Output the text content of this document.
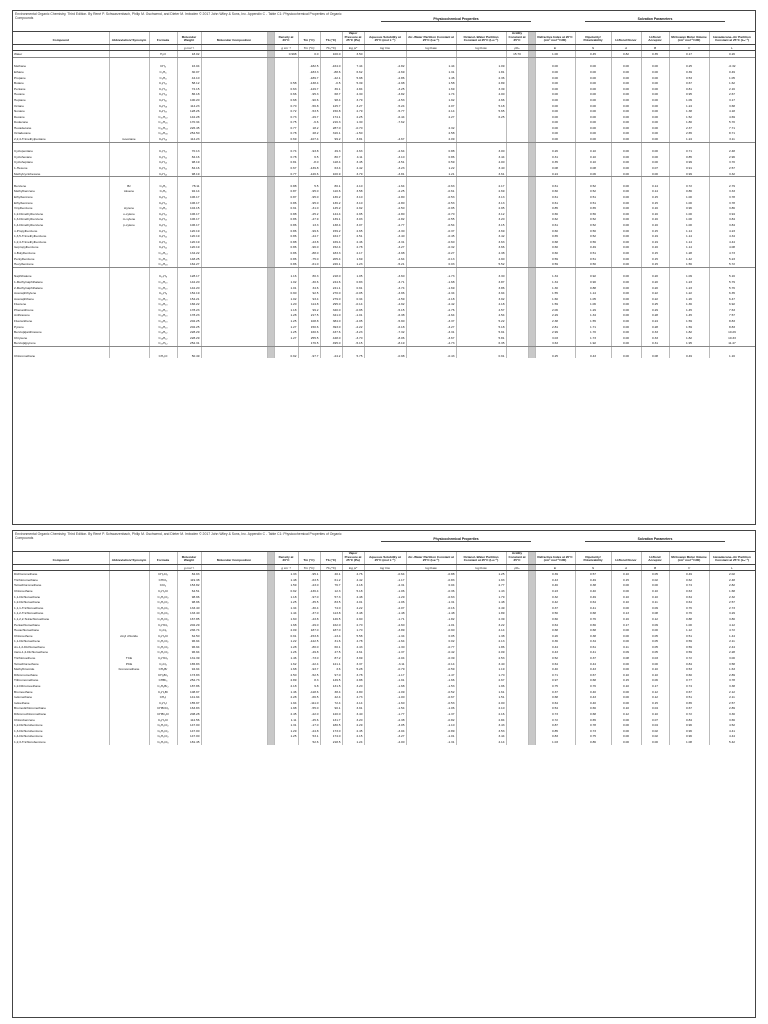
Environmental Organic Chemistry, Third Edition. By René P. Schwarzenbach, Philip M. Gschwend, and Dieter M. Imboden © 2017 John Wiley & Sons, Inc. Appendix C - Table C1: Physicochemical Properties of Organic Compounds	Physicochemical Properties	Solvation Parameters
Compound	Abbreviation/ Synonym	Formula	Molecular Weight	Molecular Composition		Density at 20°C	Tm (°C)	Tb (°C)	Vapor Pressure at 25°C (Pa)	Aqueous Solubility at 25°C (mol L⁻¹)	Air–Water Partition Constant at 25°C (Laᵢ⁻¹)	Octanol–Water Partition Constant at 25°C (Loᵢ⁻¹)	Acidity Constant at 25°C		Refractive Index at 20°C (cm³ mol⁻¹/100)	Dipolarity/ Polarizability	H-Bond Donor	H-Bond Acceptor	McGowan Molar Volume (cm³ mol⁻¹/100)	Hexadecane–Air Partition Constant at 25°C (Lᵢₐ⁻¹)
			g mol⁻¹			g cm⁻³	Tm (°C)	Tb (°C)	log pᵢ*	log Cᵢw	log Kᵢaw	log Kᵢow	pKₐ		E	S	A	B	V	L
Water		H₂O	18.02			0.998	0.0	100.0	3.50				15.70		1.00	0.45	0.82	0.35	0.17	0.26

Methane		CH₄	16.04				-182.5	-164.0	7.44	-2.82	1.44	1.09			0.00	0.00	0.00	0.00	0.25	-0.32
Ethane		C₂H₆	30.07				-183.3	-88.6	6.62	-2.69	1.31	1.81			0.00	0.00	0.00	0.00	0.39	0.49
Propane		C₃H₈	44.10				-189.7	-42.1	5.98	-2.86	1.46	2.36			0.00	0.00	0.00	0.00	0.53	1.05
Butane		C₄H₁₀	58.12			0.58	-138.4	-0.5	5.39	-2.98	1.58	2.89			0.00	0.00	0.00	0.00	0.67	1.62
Pentane		C₅H₁₂	72.15			0.63	-129.7	36.1	4.84	-3.25	1.69	3.39			0.00	0.00	0.00	0.00	0.81	2.16
Hexane		C₆H₁₄	86.18			0.66	-95.3	68.7	4.30	-3.82	1.74	4.00			0.00	0.00	0.00	0.00	0.95	2.67
Heptane		C₇H₁₆	100.20			0.68	-90.6	98.4	3.79	-4.53	1.92	4.66			0.00	0.00	0.00	0.00	1.09	3.17
Octane		C₈H₁₈	114.23			0.70	-56.8	125.7	3.27	-5.24	2.07	5.18			0.00	0.00	0.00	0.00	1.24	3.68
Nonane		C₉H₂₀	128.26			0.72	-53.5	150.8	2.79	-5.77	2.14	5.65			0.00	0.00	0.00	0.00	1.38	4.18
Decane		C₁₀H₂₂	142.28			0.73	-29.7	174.1	2.25	-6.44	2.27	6.25			0.00	0.00	0.00	0.00	1.52	4.69
Dodecane		C₁₂H₂₆	170.34			0.75	-9.6	216.3	1.30	-7.62					0.00	0.00	0.00	0.00	1.80	5.70
Hexadecane		C₁₆H₃₄	226.45			0.77	18.2	287.0	-0.70		2.32				0.00	0.00	0.00	0.00	2.37	7.71
Octadecane		C₁₈H₃₈	254.50			0.78	28.2	316.1	-1.50		2.58				0.00	0.00	0.00	0.00	2.65	8.71
2,2,4-Trimethylpentane	isooctane	C₈H₁₈	114.23			0.69	-107.4	99.2	3.81	-4.67	2.09				0.00	0.00	0.00	0.00	1.24	3.11

Cyclopentane		C₅H₁₀	70.13			0.74	-93.8	49.3	4.63	-2.64	0.88	3.00			0.26	0.10	0.00	0.00	0.71	2.48
Cyclohexane		C₆H₁₂	84.16			0.78	6.5	80.7	4.11	-3.10	0.86	3.44			0.31	0.10	0.00	0.00	0.85	2.96
Cycloheptane		C₇H₁₄	98.19			0.81	-8.0	118.4	3.45	-3.51	0.59	4.00			0.35	0.10	0.00	0.00	0.99	3.70
1-Hexene		C₆H₁₂	84.16			0.67	-139.8	63.4	4.42	-3.23	1.22	3.40			0.08	0.08	0.00	0.07	0.91	2.57
Methylcyclohexane		C₇H₁₄	98.19			0.77	-126.6	100.9	3.79	-3.81	1.21	3.61			0.24	0.06	0.00	0.00	0.99	3.32

Benzene	Bz	C₆H₆	78.11			0.88	5.5	80.1	4.10	-1.64	-0.63	2.17			0.61	0.52	0.00	0.14	0.72	2.79
Methylbenzene	toluene	C₇H₈	92.14			0.87	-95.0	110.6	3.58	-2.25	-0.61	2.69			0.60	0.52	0.00	0.14	0.86	3.33
Ethylbenzene		C₈H₁₀	106.17			0.87	-95.0	136.2	3.10	-2.80	-0.53	3.13			0.61	0.51	0.00	0.15	1.00	3.78
Ethylbenzene		C₈H₁₀	106.17			0.86	-95.0	136.2	3.10	-2.80	-0.53	3.13			0.61	0.51	0.00	0.15	1.00	3.78
Vinylbenzene	styrene	C₈H₈	104.15			0.91	-31.0	145.2	2.92	-2.50	-0.95	2.95			0.85	0.65	0.00	0.16	0.96	3.86
1,2-Dimethylbenzene	o-xylene	C₈H₁₀	106.17			0.88	-25.2	144.4	2.95	-2.80	-0.70	3.12			0.66	0.56	0.00	0.16	1.00	3.94
1,3-Dimethylbenzene	m-xylene	C₈H₁₀	106.17			0.86	-47.9	139.1	3.03	-2.82	-0.55	3.20			0.62	0.52	0.00	0.16	1.00	3.84
1,4-Dimethylbenzene	p-xylene	C₈H₁₀	106.17			0.86	13.3	138.4	3.07	-2.77	-0.54	3.15			0.61	0.52	0.00	0.16	1.00	3.84
n-Propylbenzene		C₉H₁₂	120.19			0.86	-99.6	159.2	2.65	-3.30	-0.37	3.69			0.60	0.50	0.00	0.15	1.14	4.23
1,3,5-Trimethylbenzene		C₉H₁₂	120.19			0.86	-44.7	164.7	2.51	-3.40	-0.45	3.42			0.65	0.52	0.00	0.19	1.14	4.34
1,2,4-Trimethylbenzene		C₉H₁₂	120.19			0.88	-43.8	169.4	2.46	-3.31	-0.60	3.63			0.68	0.56	0.00	0.19	1.14	4.44
Isopropylbenzene		C₉H₁₂	120.19			0.86	-96.0	152.4	2.78	-3.27	-0.32	3.66			0.60	0.49	0.00	0.16	1.14	4.08
n-Butylbenzene		C₁₀H₁₄	134.22			0.86	-88.0	183.3	2.17	-3.98	-0.27	4.38			0.60	0.51	0.00	0.15	1.28	4.73
Pentylbenzene		C₁₁H₁₆	148.25			0.86	-75.0	205.4	1.69	-4.64	-0.13	4.90			0.59	0.51	0.00	0.15	1.42	5.23
Hexylbenzene		C₁₂H₁₈	162.27			0.86	-61.0	226.1	1.23	-5.21	0.03	5.52			0.59	0.50	0.00	0.15	1.56	5.72

Naphthalene		C₁₀H₈	128.17			1.16	80.3	218.0	1.05	-3.60	-1.73	3.30			1.34	0.92	0.00	0.20	1.09	5.16
1-Methylnaphthalene		C₁₁H₁₀	142.20			1.02	-30.6	244.6	0.83	-3.71	-1.68	3.87			1.34	0.90	0.00	0.20	1.23	5.79
2-Methylnaphthalene		C₁₁H₁₀	142.20			1.01	34.6	241.1	0.91	-3.74	-1.69	3.86			1.30	0.88	0.00	0.20	1.23	5.76
Acenaphthylene		C₁₂H₈	152.19			0.90	92.5	270.0	-0.05	-3.96	-2.34	3.94			1.55	1.14	0.00	0.22	1.22	6.35
Acenaphthene		C₁₂H₁₀	154.21			1.02	93.4	279.0	0.34	-4.59	-2.18	3.92			1.60	1.05	0.00	0.22	1.26	6.47
Fluorene		C₁₃H₁₀	166.22			1.20	114.8	295.0	-0.14	-4.92	-2.42	4.18			1.59	1.06	0.00	0.25	1.36	6.92
Phenanthrene		C₁₄H₁₀	178.23			1.18	99.2	340.0	-0.95	-5.15	-2.76	4.57			2.06	1.29	0.00	0.29	1.45	7.63
Anthracene		C₁₄H₁₀	178.23			1.28	217.5	341.0	-1.01	-6.38	-2.64	4.54			2.29	1.34	0.00	0.28	1.45	7.57
Fluoranthene		C₁₆H₁₀	202.25			1.25	108.8	384.0	-2.05	-5.90	-3.37	5.22			2.38	1.55	0.00	0.24	1.59	8.83
Pyrene		C₁₆H₁₀	202.25			1.27	150.6	393.0	-2.22	-6.18	-3.27	5.18			2.81	1.71	0.00	0.28	1.59	8.83
Benzo[a]anthracene		C₁₈H₁₂	228.29			1.25	160.6	437.6	-3.23	-7.32	-3.31	5.91			2.99	1.70	0.00	0.33	1.82	10.29
Chrysene		C₁₈H₁₂	228.29			1.27	255.5	448.0	-3.70	-8.06	-3.67	5.81			3.03	1.73	0.00	0.33	1.82	10.33
Benzo[a]pyrene		C₂₀H₁₂	252.31				176.5	495.0	-5.15	-8.19	-4.73	6.35			3.63	1.92	0.00	0.31	1.95	11.47

Chloromethane		CH₃Cl	50.49			0.92	-97.7	-24.2	5.75	-0.98	-0.43	0.91			0.25	0.43	0.00	0.08	0.49	1.16
Environmental Organic Chemistry, Third Edition. By René P. Schwarzenbach, Philip M. Gschwend, and Dieter M. Imboden © 2017 John Wiley & Sons, Inc. Appendix C - Table C1: Physicochemical Properties of Organic Compounds	Physicochemical Properties	Solvation Parameters
Compound	Abbreviation/ Synonym	Formula	Molecular Weight	Molecular Composition		Density at 20°C	Tm (°C)	Tb (°C)	Vapor Pressure at 25°C (Pa)	Aqueous Solubility at 25°C (mol L⁻¹)	Air–Water Partition Constant at 25°C (Laᵢ⁻¹)	Octanol–Water Partition Constant at 25°C (Loᵢ⁻¹)	Acidity Constant at 25°C		Refractive Index at 20°C (cm³ mol⁻¹/100)	Dipolarity/ Polarizability	H-Bond Donor	H-Bond Acceptor	McGowan Molar Volume (cm³ mol⁻¹/100)	Hexadecane–Air Partition Constant at 25°C (Lᵢₐ⁻¹)
			g mol⁻¹			g cm⁻³	Tm (°C)	Tb (°C)	log pᵢ*	log Cᵢw	log Kᵢaw	log Kᵢow	pKₐ		E	S	A	B	V	L
Dichloromethane		CH₂Cl₂	84.93			1.33	-95.1	40.1	4.76	-0.64	-0.88	1.25			0.39	0.57	0.10	0.05	0.49	2.02
Trichloromethane		CHCl₃	119.38			1.48	-63.5	61.2	4.42	-1.17	-0.83	1.93			0.43	0.49	0.15	0.02	0.62	2.48
Tetrachloromethane		CCl₄	153.82			1.59	-23.0	76.7	4.18	-2.31	0.04	2.77			0.46	0.38	0.00	0.00	0.74	2.82
Chloroethane		C₂H₅Cl	64.51			0.92	-136.4	12.3	5.18	-1.06	-0.36	1.43			0.23	0.40	0.00	0.10	0.63	1.68
1,1-Dichloroethane		C₂H₄Cl₂	98.96			1.18	-97.0	57.3	4.48	-1.29	-0.63	1.79			0.32	0.49	0.10	0.10	0.64	2.32
1,2-Dichloroethane		C₂H₄Cl₂	98.96			1.25	-35.5	83.5	4.01	-1.06	-1.31	1.48			0.42	0.64	0.10	0.11	0.64	2.57
1,1,1-Trichloroethane		C₂H₃Cl₃	133.40			1.34	-30.4	74.0	4.22	-2.07	-0.16	2.49			0.37	0.41	0.00	0.09	0.76	2.73
1,1,2-Trichloroethane		C₂H₃Cl₃	133.40			1.44	-37.0	113.8	3.48	-1.48	-1.48	1.89			0.50	0.68	0.13	0.08	0.76	3.29
1,1,2,2-Tetrachloroethane		C₂H₂Cl₄	167.85			1.60	-43.8	146.5	2.90	-1.71	-1.82	2.39			0.60	0.76	0.16	0.12	0.88	3.80
Pentachloroethane		C₂HCl₅	202.29			1.68	-29.0	162.0	2.70	-2.60	-1.01	3.22			0.64	0.66	0.17	0.09	1.00	4.12
Hexachloroethane		C₂Cl₆	236.74			2.09	187.0	187.0	1.70	-3.89	-0.90	4.14			0.68	0.68	0.00	0.00	1.12	4.72
Chloroethene	vinyl chloride	C₂H₃Cl	62.50			0.91	-153.8	-13.4	5.58	-1.34	0.05	1.38			0.26	0.38	0.00	0.05	0.51	1.44
1,1-Dichloroethene		C₂H₂Cl₂	96.94			1.22	-122.5	31.6	4.78	-1.64	0.02	2.13			0.36	0.34	0.00	0.05	0.59	2.11
cis-1,2-Dichloroethene		C₂H₂Cl₂	96.94			1.28	-80.0	60.1	4.43	-1.30	-0.77	1.86			0.44	0.61	0.11	0.05	0.59	2.44
trans-1,2-Dichloroethene		C₂H₂Cl₂	96.94			1.26	-49.8	47.5	4.61	-1.37	-0.42	2.09			0.43	0.41	0.09	0.05	0.59	2.28
Trichloroethene	TCE	C₂HCl₃	131.39			1.46	-73.0	87.2	3.99	-2.04	-0.39	2.53			0.52	0.37	0.08	0.03	0.72	3.00
Tetrachloroethene	PCE	C₂Cl₄	165.83			1.62	-22.4	121.1	3.37	-3.11	-0.14	3.40			0.64	0.44	0.00	0.00	0.84	3.58
Methylbromide	bromomethane	CH₃Br	94.94			1.68	-93.7	3.6	5.28	-0.79	-0.59	1.19			0.40	0.43	0.00	0.10	0.53	1.63
Dibromomethane		CH₂Br₂	173.83			2.50	-52.5	97.0	3.78	-1.17	-1.47	1.70			0.71	0.67	0.10	0.10	0.60	2.89
Tribromomethane		CHBr₃	252.73			2.89	8.3	149.5	2.88	-1.91	-1.66	2.67			0.97	0.68	0.15	0.06	0.77	3.78
1,2-Dibromoethane		C₂H₄Br₂	187.86			2.18	9.8	131.5	3.20	-1.68	-1.53	1.96			0.75	0.76	0.10	0.17	0.74	3.38
Bromoethane		C₂H₅Br	108.97			1.46	-118.6	38.4	4.80	-1.09	-0.52	1.61			0.37	0.40	0.00	0.12	0.67	2.12
Iodomethane		CH₃I	141.94			2.28	-66.5	42.4	4.73	-1.00	-0.67	1.51			0.68	0.43	0.00	0.12	0.51	2.11
Iodoethane		C₂H₅I	155.97			1.94	-111.0	72.4	4.14	-1.60	-0.53	2.00			0.64	0.40	0.00	0.15	0.65	2.57
Bromodichloromethane		CHBrCl₂	163.83			1.98	-55.0	90.1	3.91	-1.54	-1.06	2.10			0.54	0.66	0.10	0.04	0.67	2.89
Dibromochloromethane		CHBr₂Cl	208.28			2.45	-22.0	120.0	3.40	-1.77	-1.37	2.16			0.73	0.68	0.12	0.10	0.72	3.30
Chlorobenzene		C₆H₅Cl	112.56			1.11	-45.6	131.7	3.20	-2.38	-0.82	2.84			0.72	0.65	0.00	0.07	0.84	3.66
1,2-Dichlorobenzene		C₆H₄Cl₂	147.00			1.31	-17.0	180.5	2.29	-3.05	-1.10	3.43			0.87	0.78	0.00	0.04	0.96	4.52
1,3-Dichlorobenzene		C₆H₄Cl₂	147.00			1.29	-24.8	173.0	2.45	-3.04	-0.89	3.53			0.85	0.73	0.00	0.02	0.96	4.41
1,4-Dichlorobenzene		C₆H₄Cl₂	147.00			1.25	53.1	174.0	2.15	-3.27	-1.01	3.44			0.83	0.75	0.00	0.02	0.96	4.44
1,2,3-Trichlorobenzene		C₆H₃Cl₃	181.45				52.6	218.5	1.24	-4.00	-1.31	4.14			1.03	0.86	0.00	0.00	1.08	5.42
